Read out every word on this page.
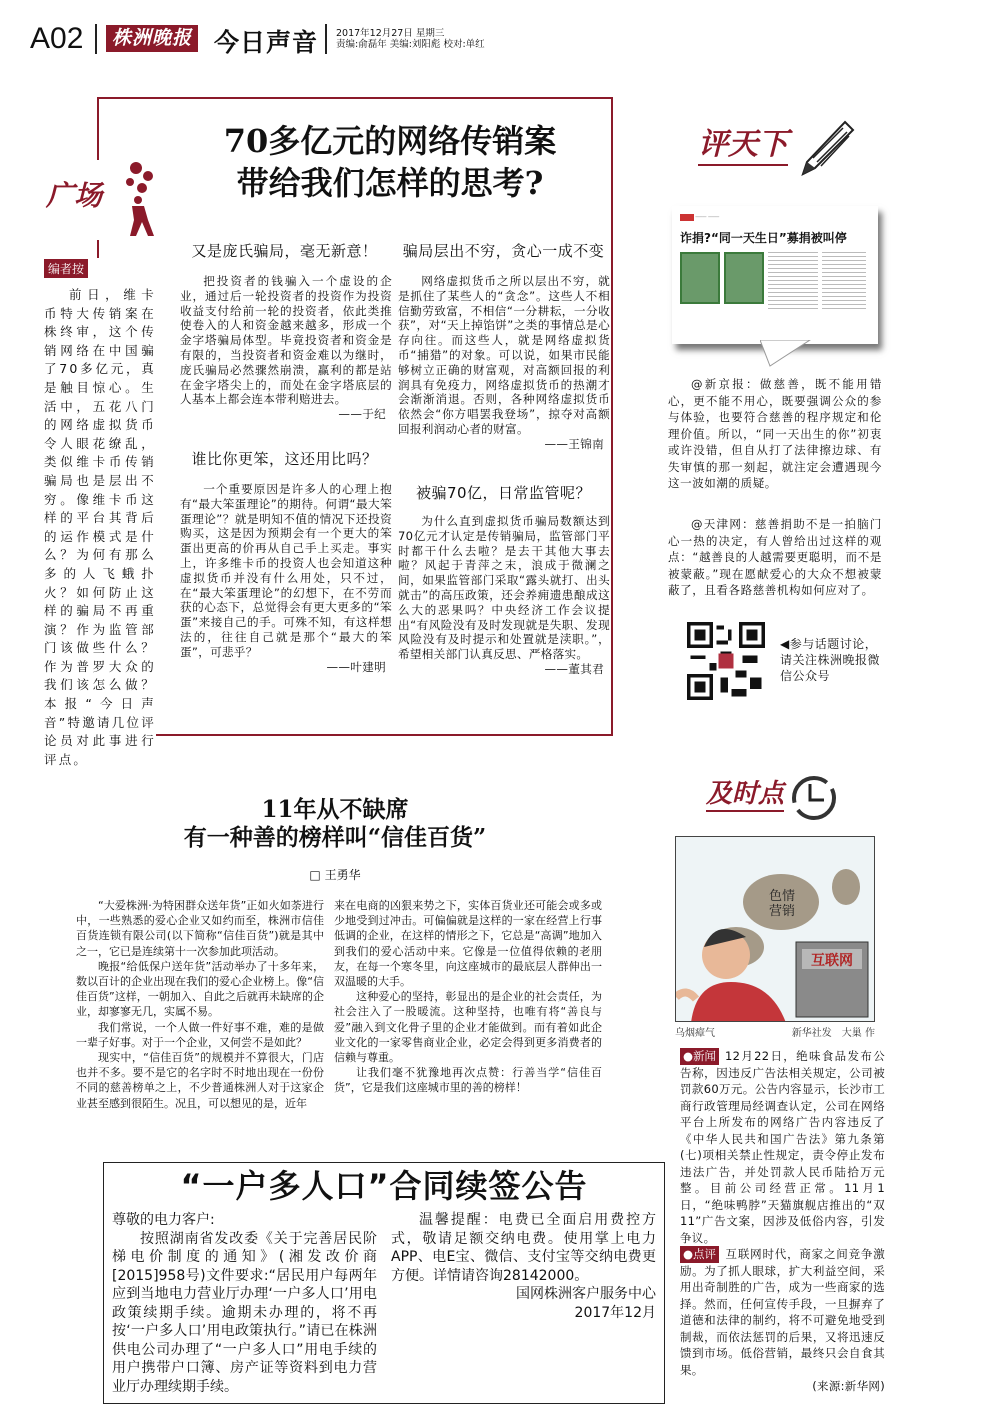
A02	株洲晚报 今日声音 2017年12月27日 星期三
责编:俞磊年 美编:刘阳彪 校对:单红
70多亿元的网络传销案
带给我们怎样的思考?
广场
编者按
前日，维卡币特大传销案在株终审，这个传销网络在中国骗了70多亿元，真是触目惊心。生活中，五花八门的网络虚拟货币令人眼花缭乱，类似维卡币传销骗局也是层出不穷。像维卡币这样的平台其背后的运作模式是什么？为何有那么多的人飞蛾扑火？如何防止这样的骗局不再重演？作为监管部门该做些什么？作为普罗大众的我们该怎么做？本报“今日声音”特邀请几位评论员对此事进行评点。
又是庞氏骗局，毫无新意！

把投资者的钱骗入一个虚设的企业，通过后一轮投资者的投资作为投资收益支付给前一轮的投资者，依此类推使卷入的人和资金越来越多，形成一个金字塔骗局体型。毕竟投资者和资金是有限的，当投资者和资金难以为继时，庞氏骗局必然骤然崩溃，赢利的都是站在金字塔尖上的，而处在金字塔底层的人基本上都会连本带利赔进去。

——于纪
谁比你更笨，这还用比吗？

一个重要原因是许多人的心理上抱有“最大笨蛋理论”的期待。何谓“最大笨蛋理论”？就是明知不值的情况下还投资购买，这是因为预期会有一个更大的笨蛋出更高的价再从自己手上买走。事实上，许多维卡币的投资人也会知道这种虚拟货币并没有什么用处，只不过，在“最大笨蛋理论”的幻想下，在不劳而获的心态下，总觉得会有更大更多的“笨蛋”来接自己的手。可殊不知，有这样想法的，往往自己就是那个“最大的笨蛋”，可悲乎？

——叶建明
骗局层出不穷，贪心一成不变

网络虚拟货币之所以层出不穷，就是抓住了某些人的“贪念”。这些人不相信勤劳致富，不相信“一分耕耘，一分收获”，对“天上掉馅饼”之类的事情总是心存向往。而这些人，就是网络虚拟货币“捕猎”的对象。可以说，如果市民能够树立正确的财富观，对高额回报的利润具有免疫力，网络虚拟货币的热潮才会渐渐消退。否则，各种网络虚拟货币依然会“你方唱罢我登场”，掠夺对高额回报利润动心者的财富。

——王锦南
被骗70亿，日常监管呢？

为什么直到虚拟货币骗局数额达到70亿元才认定是传销骗局，监管部门平时都干什么去啦？是去干其他大事去啦？风起于青萍之末，浪成于微澜之间，如果监管部门采取“露头就打、出头就击”的高压政策，还会养痈遗患酿成这么大的恶果吗？中央经济工作会议提出“有风险没有及时发现就是失职、发现风险没有及时提示和处置就是渎职。”，希望相关部门认真反思、严格落实。

——董其君
评天下
─── ───
诈捐?“同一天生日”募捐被叫停
@新京报：做慈善，既不能用错心，更不能不用心，既要强调公众的参与体验，也要符合慈善的程序规定和伦理价值。所以，“同一天出生的你”初衷或许没错，但自从打了法律擦边球、有失审慎的那一刻起，就注定会遭遇现今这一波如潮的质疑。
@天津网：慈善捐助不是一拍脑门心一热的决定，有人曾给出过这样的观点：“越善良的人越需要更聪明，而不是被蒙蔽。”现在愿献爱心的大众不想被蒙蔽了，且看各路慈善机构如何应对了。
◀参与话题讨论，请关注株洲晚报微信公众号
及时点
色情营销
互联网
乌烟瘴气	新华社发　大巢 作
●新闻 12月22日，绝味食品发布公告称，因违反广告法相关规定，公司被罚款60万元。公告内容显示，长沙市工商行政管理局经调查认定，公司在网络平台上所发布的网络广告内容违反了《中华人民共和国广告法》第九条第(七)项相关禁止性规定，责令停止发布违法广告，并处罚款人民币陆拾万元整。目前公司经营正常。11月1日，“绝味鸭脖”天猫旗舰店推出的“双11”广告文案，因涉及低俗内容，引发争议。
●点评 互联网时代，商家之间竞争激励。为了抓人眼球，扩大利益空间，采用出奇制胜的广告，成为一些商家的选择。然而，任何宣传手段，一旦摒弃了道德和法律的制约，将不可避免地受到制裁，而依法惩罚的后果，又将迅速反馈到市场。低俗营销，最终只会自食其果。
(来源:新华网)
11年从不缺席
有一种善的榜样叫“信佳百货”
□ 王勇华

“大爱株洲·为特困群众送年货”正如火如荼进行中，一些熟悉的爱心企业又如约而至，株洲市信佳百货连锁有限公司(以下简称“信佳百货”)就是其中之一，它已是连续第十一次参加此项活动。

晚报“给低保户送年货”活动举办了十多年来，数以百计的企业出现在我们的爱心企业榜上。像“信佳百货”这样，一朝加入、自此之后就再未缺席的企业，却寥寥无几，实属不易。

我们常说，一个人做一件好事不难，难的是做一辈子好事。对于一个企业，又何尝不是如此？

现实中，“信佳百货”的规模并不算很大，门店也并不多。要不是它的名字时不时地出现在一份份不同的慈善榜单之上，不少普通株洲人对于这家企业甚至感到很陌生。况且，可以想见的是，近年

来在电商的凶狠来势之下，实体百货业还可能会或多或少地受到过冲击。可偏偏就是这样的一家在经营上行事低调的企业，在这样的情形之下，它总是“高调”地加入到我们的爱心活动中来。它像是一位值得依赖的老朋友，在每一个寒冬里，向这座城市的最底层人群伸出一双温暖的大手。

这种爱心的坚持，彰显出的是企业的社会责任，为社会注入了一股暖流。这种坚持，也唯有将“善良与爱”融入到文化骨子里的企业才能做到。而有着如此企业文化的一家零售商业企业，必定会得到更多消费者的信赖与尊重。

让我们毫不犹豫地再次点赞：行善当学“信佳百货”，它是我们这座城市里的善的榜样！

“一户多人口”合同续签公告
尊敬的电力客户:
按照湖南省发改委《关于完善居民阶梯电价制度的通知》(湘发改价商[2015]958号)文件要求:“居民用户每两年应到当地电力营业厅办理‘一户多人口’用电政策续期手续。逾期未办理的，将不再按‘一户多人口’用电政策执行。”请已在株洲供电公司办理了“一户多人口”用电手续的用户携带户口簿、房产证等资料到电力营业厅办理续期手续。
温馨提醒：电费已全面启用费控方式，敬请足额交纳电费。使用掌上电力APP、电E宝、微信、支付宝等交纳电费更方便。详情请咨询28142000。
国网株洲客户服务中心
2017年12月
